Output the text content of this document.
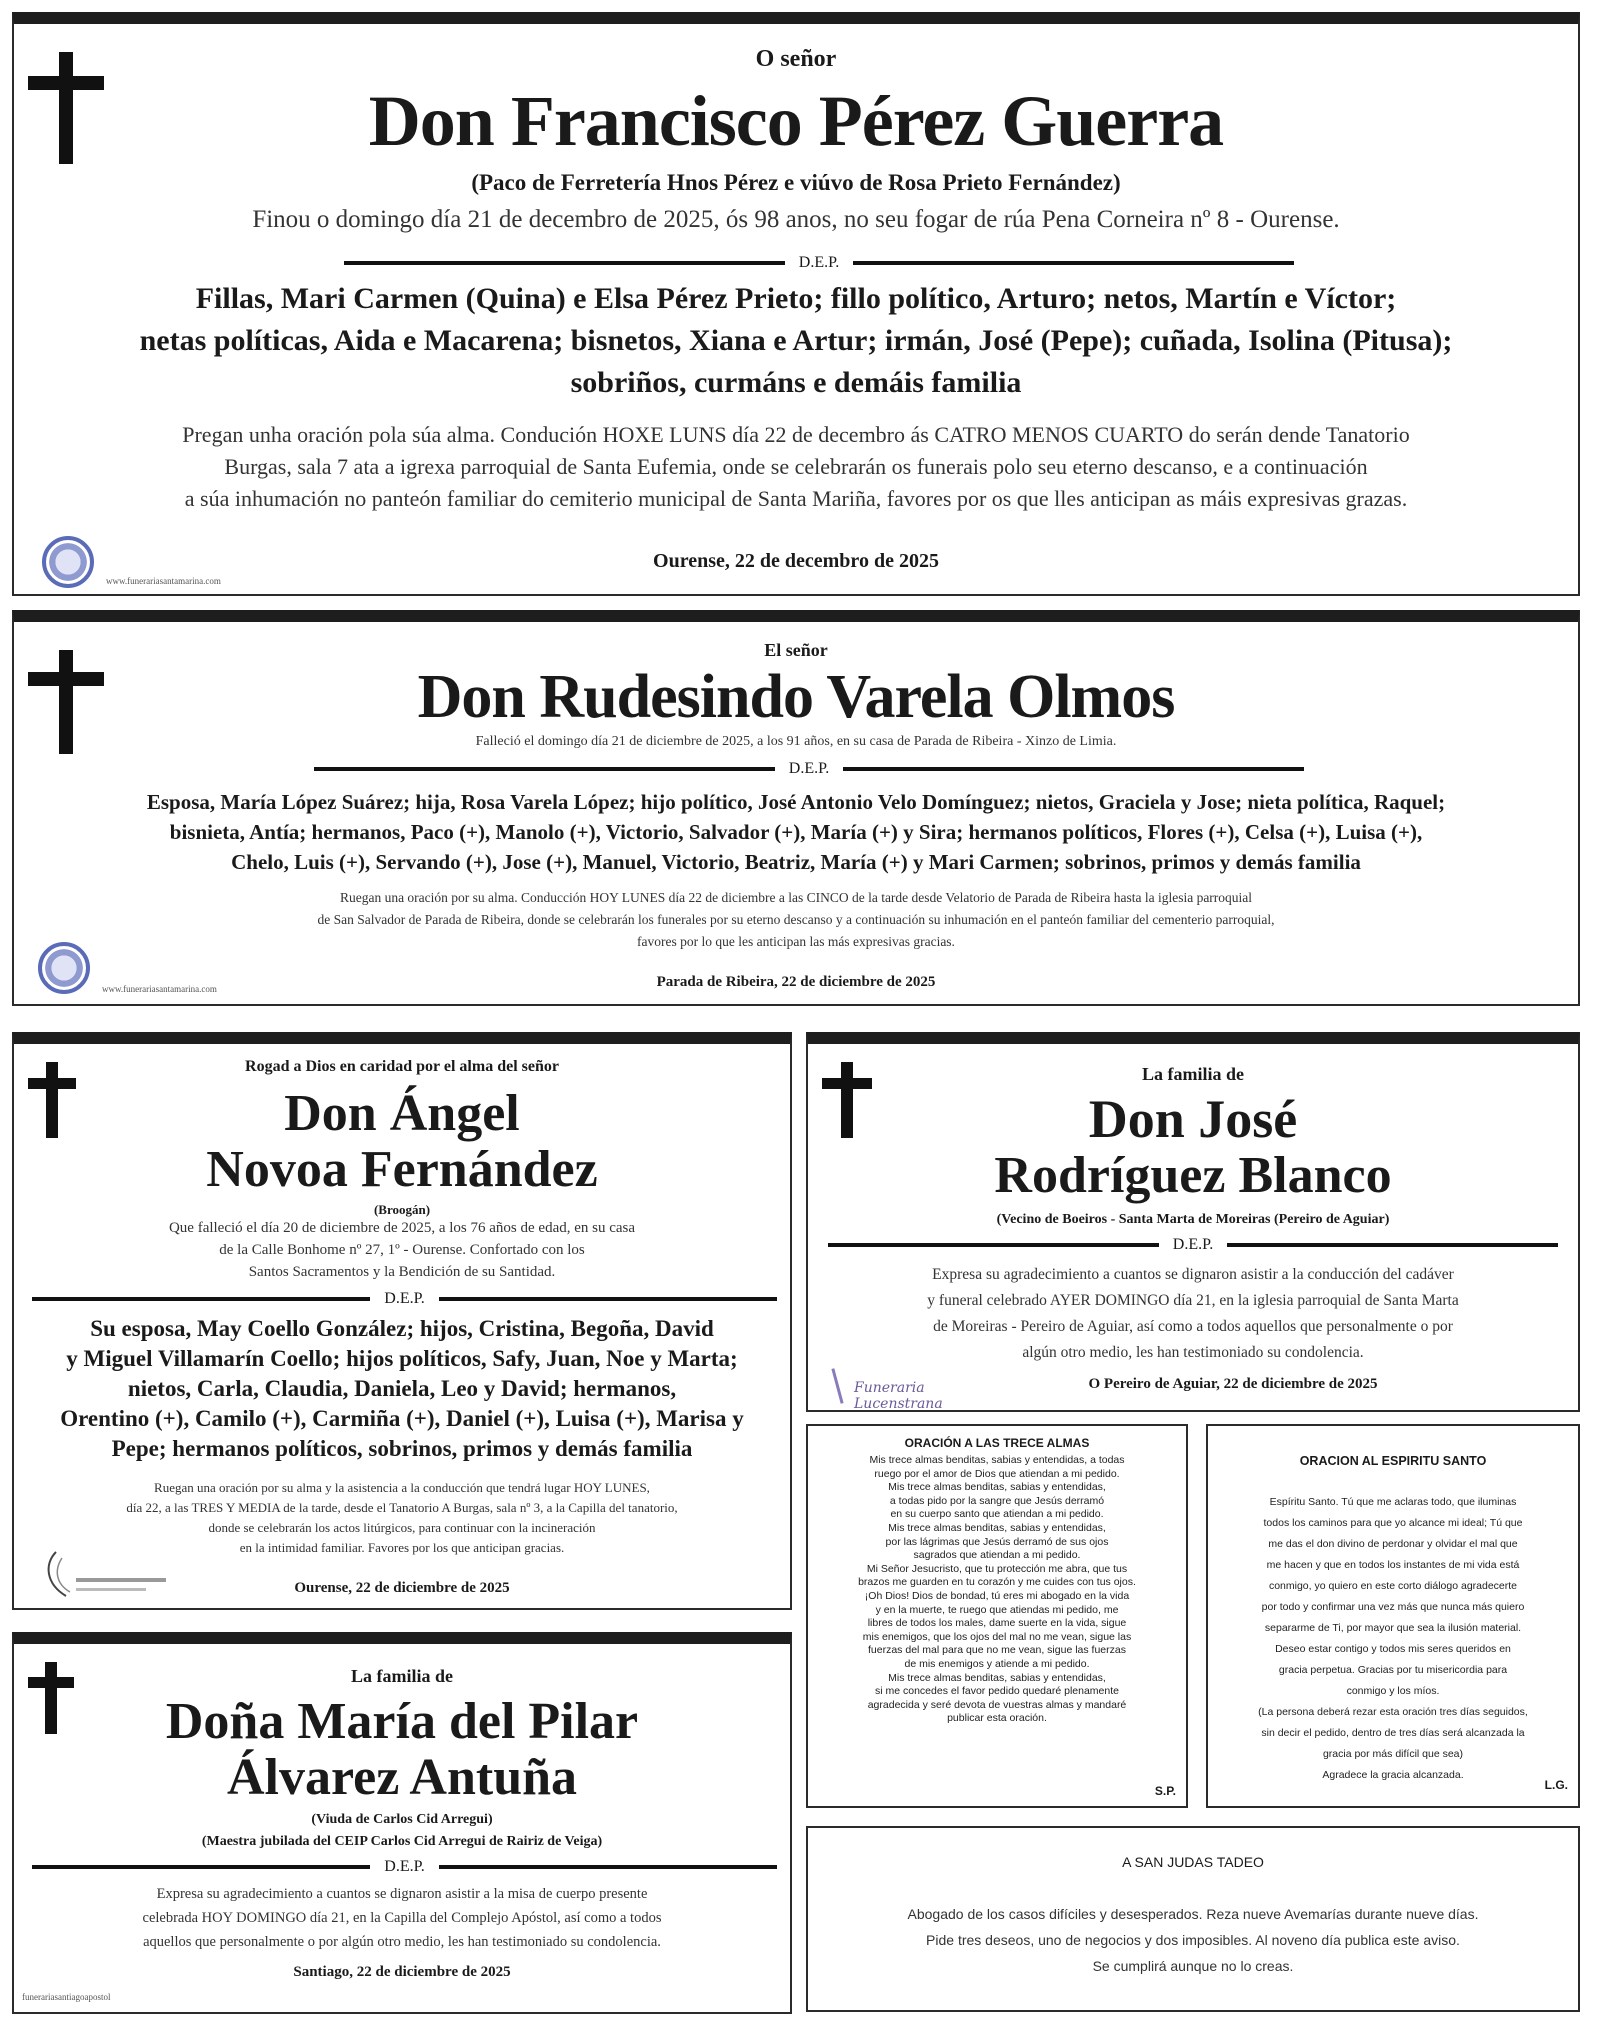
O señor
Don Francisco Pérez Guerra
(Paco de Ferretería Hnos Pérez e viúvo de Rosa Prieto Fernández)
Finou o domingo día 21 de decembro de 2025, ós 98 anos, no seu fogar de rúa Pena Corneira nº 8 - Ourense.
D.E.P.
Fillas, Mari Carmen (Quina) e Elsa Pérez Prieto; fillo político, Arturo; netos, Martín e Víctor;
netas políticas, Aida e Macarena; bisnetos, Xiana e Artur; irmán, José (Pepe); cuñada, Isolina (Pitusa);
sobriños, curmáns e demáis familia
Pregan unha oración pola súa alma. Condución HOXE LUNS día 22 de decembro ás CATRO MENOS CUARTO do serán dende Tanatorio
Burgas, sala 7 ata a igrexa parroquial de Santa Eufemia, onde se celebrarán os funerais polo seu eterno descanso, e a continuación
a súa inhumación no panteón familiar do cemiterio municipal de Santa Mariña, favores por os que lles anticipan as máis expresivas grazas.
www.funerariasantamarina.com
Ourense, 22 de decembro de 2025
El señor
Don Rudesindo Varela Olmos
Falleció el domingo día 21 de diciembre de 2025, a los 91 años, en su casa de Parada de Ribeira - Xinzo de Limia.
D.E.P.
Esposa, María López Suárez; hija, Rosa Varela López; hijo político, José Antonio Velo Domínguez; nietos, Graciela y Jose; nieta política, Raquel;
bisnieta, Antía; hermanos, Paco (+), Manolo (+), Victorio, Salvador (+), María (+) y Sira; hermanos políticos, Flores (+), Celsa (+), Luisa (+),
Chelo, Luis (+), Servando (+), Jose (+), Manuel, Victorio, Beatriz, María (+) y Mari Carmen; sobrinos, primos y demás familia
Ruegan una oración por su alma. Conducción HOY LUNES día 22 de diciembre a las CINCO de la tarde desde Velatorio de Parada de Ribeira hasta la iglesia parroquial
de San Salvador de Parada de Ribeira, donde se celebrarán los funerales por su eterno descanso y a continuación su inhumación en el panteón familiar del cementerio parroquial,
favores por lo que les anticipan las más expresivas gracias.
www.funerariasantamarina.com	Parada de Ribeira, 22 de diciembre de 2025
Rogad a Dios en caridad por el alma del señor
Don Ángel
Novoa Fernández
(Broogán)
Que falleció el día 20 de diciembre de 2025, a los 76 años de edad, en su casa
de la Calle Bonhome nº 27, 1º - Ourense. Confortado con los
Santos Sacramentos y la Bendición de su Santidad.
D.E.P.
Su esposa, May Coello González; hijos, Cristina, Begoña, David
y Miguel Villamarín Coello; hijos políticos, Safy, Juan, Noe y Marta;
nietos, Carla, Claudia, Daniela, Leo y David; hermanos,
Orentino (+), Camilo (+), Carmiña (+), Daniel (+), Luisa (+), Marisa y
Pepe; hermanos políticos, sobrinos, primos y demás familia
Ruegan una oración por su alma y la asistencia a la conducción que tendrá lugar HOY LUNES,
día 22, a las TRES Y MEDIA de la tarde, desde el Tanatorio A Burgas, sala nº 3, a la Capilla del tanatorio,
donde se celebrarán los actos litúrgicos, para continuar con la incineración
en la intimidad familiar. Favores por los que anticipan gracias.
Ourense, 22 de diciembre de 2025
La familia de
Don José
Rodríguez Blanco
(Vecino de Boeiros - Santa Marta de Moreiras (Pereiro de Aguiar)
D.E.P.
Expresa su agradecimiento a cuantos se dignaron asistir a la conducción del cadáver
y funeral celebrado AYER DOMINGO día 21, en la iglesia parroquial de Santa Marta
de Moreiras - Pereiro de Aguiar, así como a todos aquellos que personalmente o por
algún otro medio, les han testimoniado su condolencia.
Funeraria Lucenstrana
O Pereiro de Aguiar, 22 de diciembre de 2025
ORACIÓN A LAS TRECE ALMAS
Mis trece almas benditas, sabias y entendidas, a todas
ruego por el amor de Dios que atiendan a mi pedido.
Mis trece almas benditas, sabias y entendidas,
a todas pido por la sangre que Jesús derramó
en su cuerpo santo que atiendan a mi pedido.
Mis trece almas benditas, sabias y entendidas,
por las lágrimas que Jesús derramó de sus ojos
sagrados que atiendan a mi pedido.
Mi Señor Jesucristo, que tu protección me abra, que tus
brazos me guarden en tu corazón y me cuides con tus ojos.
¡Oh Dios! Dios de bondad, tú eres mi abogado en la vida
y en la muerte, te ruego que atiendas mi pedido, me
libres de todos los males, dame suerte en la vida, sigue
mis enemigos, que los ojos del mal no me vean, sigue las
fuerzas del mal para que no me vean, sigue las fuerzas
de mis enemigos y atiende a mi pedido.
Mis trece almas benditas, sabias y entendidas,
si me concedes el favor pedido quedaré plenamente
agradecida y seré devota de vuestras almas y mandaré
publicar esta oración.
S.P.
ORACION AL ESPIRITU SANTO
Espíritu Santo. Tú que me aclaras todo, que iluminas
todos los caminos para que yo alcance mi ideal; Tú que
me das el don divino de perdonar y olvidar el mal que
me hacen y que en todos los instantes de mi vida está
conmigo, yo quiero en este corto diálogo agradecerte
por todo y confirmar una vez más que nunca más quiero
separarme de Ti, por mayor que sea la ilusión material.
Deseo estar contigo y todos mis seres queridos en
gracia perpetua. Gracias por tu misericordia para
conmigo y los míos.
(La persona deberá rezar esta oración tres días seguidos,
sin decir el pedido, dentro de tres días será alcanzada la
gracia por más difícil que sea)
Agradece la gracia alcanzada.
L.G.
La familia de
Doña María del Pilar
Álvarez Antuña
(Viuda de Carlos Cid Arregui)
(Maestra jubilada del CEIP Carlos Cid Arregui de Rairiz de Veiga)
D.E.P.
Expresa su agradecimiento a cuantos se dignaron asistir a la misa de cuerpo presente
celebrada HOY DOMINGO día 21, en la Capilla del Complejo Apóstol, así como a todos
aquellos que personalmente o por algún otro medio, les han testimoniado su condolencia.
Santiago, 22 de diciembre de 2025
funerariasantiagoapostol
A SAN JUDAS TADEO
Abogado de los casos difíciles y desesperados. Reza nueve Avemarías durante nueve días.
Pide tres deseos, uno de negocios y dos imposibles. Al noveno día publica este aviso.
Se cumplirá aunque no lo creas.
